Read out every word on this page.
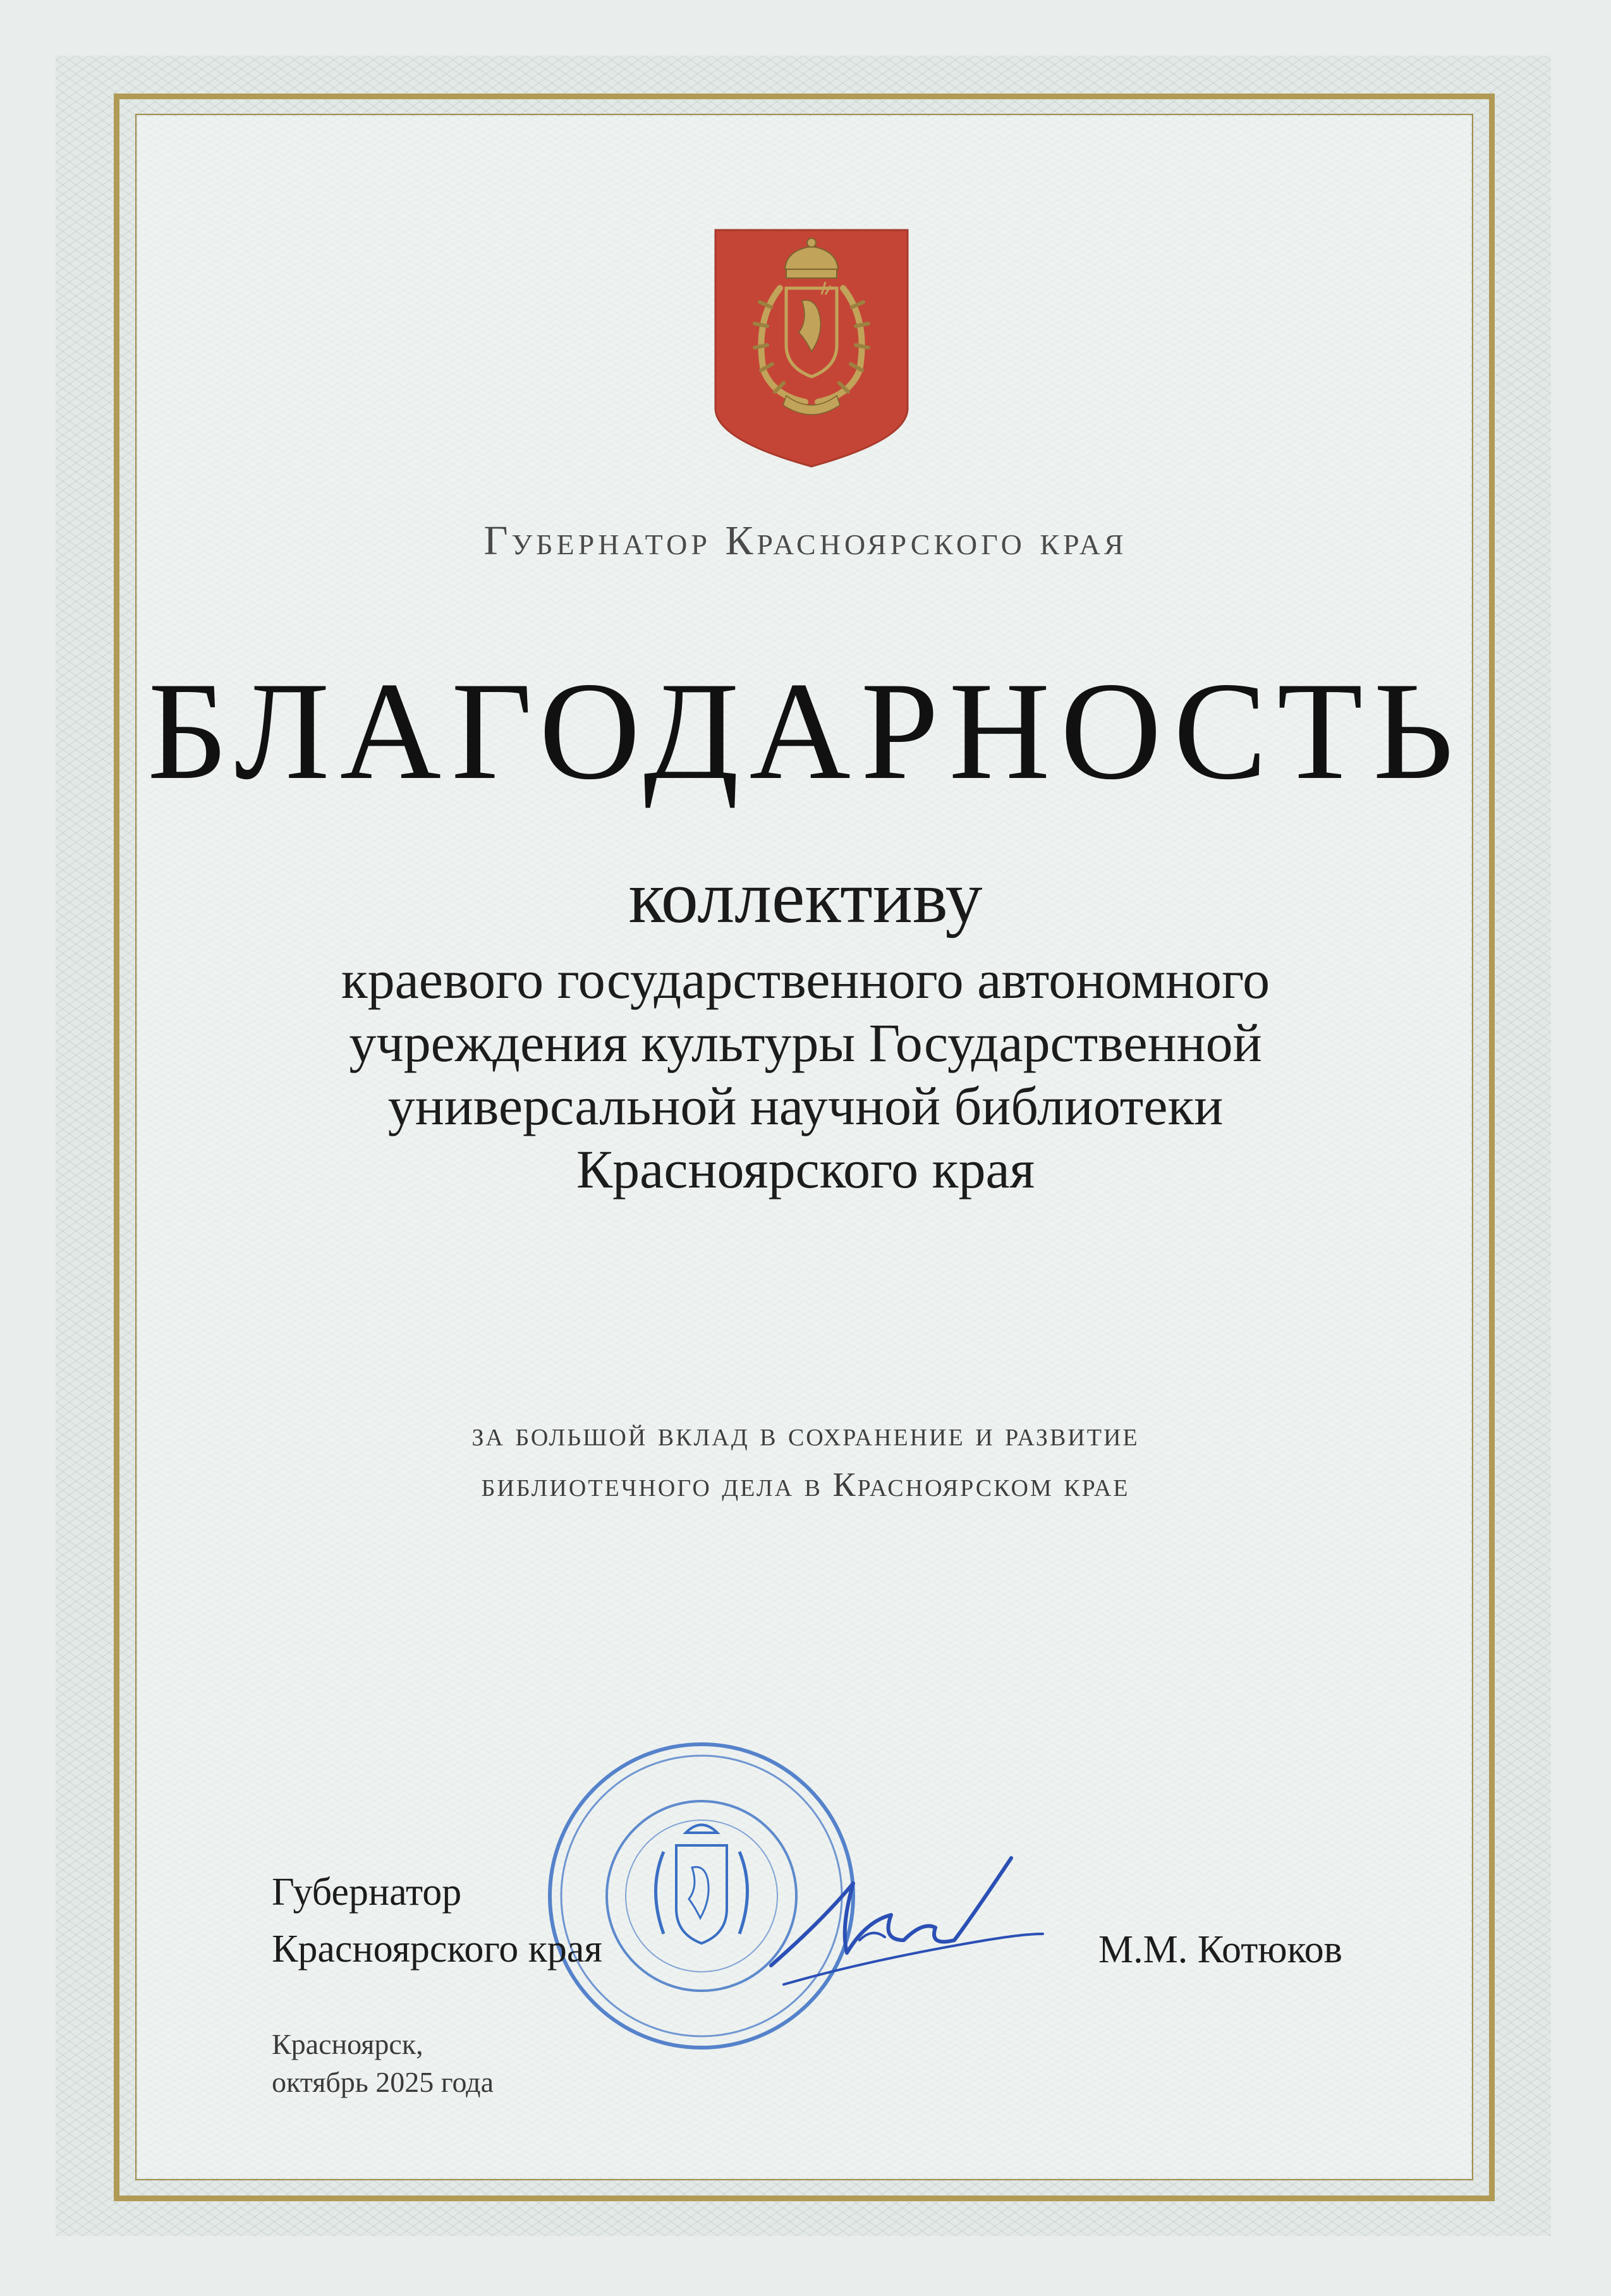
Губернатор Красноярского края
БЛАГОДАРНОСТЬ
коллективу
краевого государственного автономного
учреждения культуры Государственной
универсальной научной библиотеки
Красноярского края
за большой вклад в сохранение и развитие
библиотечного дела в Красноярском крае
Губернатор
Красноярского края	М.М. Котюков
Красноярск,
октябрь 2025 года
